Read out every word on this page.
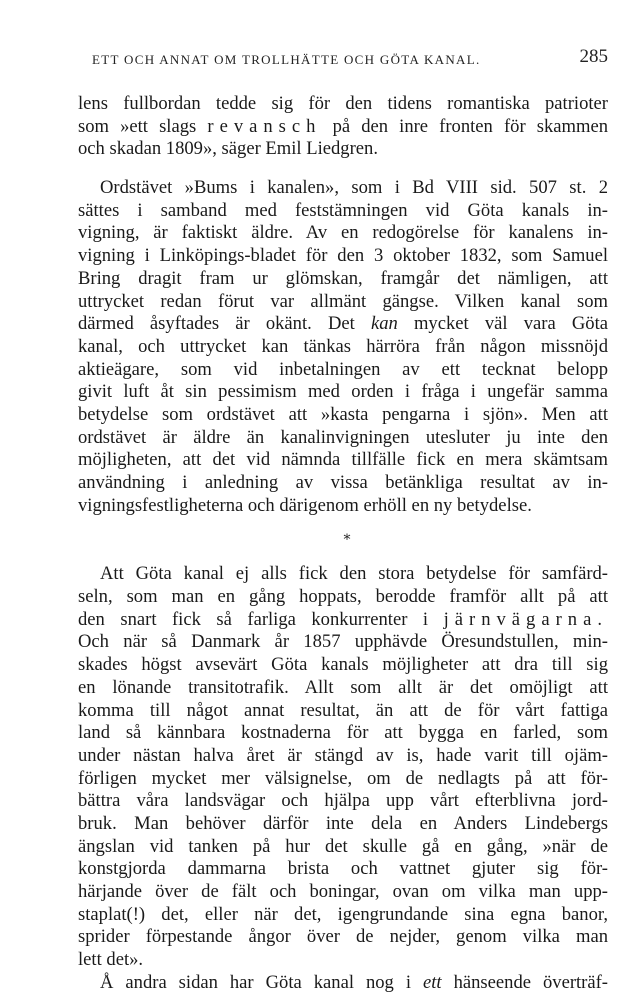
ETT OCH ANNAT OM TROLLHÄTTE OCH GÖTA KANAL.	285
lens fullbordan tedde sig för den tidens romantiska patrioter
som »ett slags revansch på den inre fronten för skammen
och skadan 1809», säger Emil Liedgren.
Ordstävet »Bums i kanalen», som i Bd VIII sid. 507 st. 2
sättes i samband med feststämningen vid Göta kanals in-
vigning, är faktiskt äldre. Av en redogörelse för kanalens in-
vigning i Linköpings-bladet för den 3 oktober 1832, som Samuel
Bring dragit fram ur glömskan, framgår det nämligen, att
uttrycket redan förut var allmänt gängse. Vilken kanal som
därmed åsyftades är okänt. Det kan mycket väl vara Göta
kanal, och uttrycket kan tänkas härröra från någon missnöjd
aktieägare, som vid inbetalningen av ett tecknat belopp
givit luft åt sin pessimism med orden i fråga i ungefär samma
betydelse som ordstävet att »kasta pengarna i sjön». Men att
ordstävet är äldre än kanalinvigningen utesluter ju inte den
möjligheten, att det vid nämnda tillfälle fick en mera skämtsam
användning i anledning av vissa betänkliga resultat av in-
vigningsfestligheterna och därigenom erhöll en ny betydelse.
*
Att Göta kanal ej alls fick den stora betydelse för samfärd-
seln, som man en gång hoppats, berodde framför allt på att
den snart fick så farliga konkurrenter i järnvägarna.
Och när så Danmark år 1857 upphävde Öresundstullen, min-
skades högst avsevärt Göta kanals möjligheter att dra till sig
en lönande transitotrafik. Allt som allt är det omöjligt att
komma till något annat resultat, än att de för vårt fattiga
land så kännbara kostnaderna för att bygga en farled, som
under nästan halva året är stängd av is, hade varit till ojäm-
förligen mycket mer välsignelse, om de nedlagts på att för-
bättra våra landsvägar och hjälpa upp vårt efterblivna jord-
bruk. Man behöver därför inte dela en Anders Lindebergs
ängslan vid tanken på hur det skulle gå en gång, »när de
konstgjorda dammarna brista och vattnet gjuter sig för-
härjande över de fält och boningar, ovan om vilka man upp-
staplat(!) det, eller när det, igengrundande sina egna banor,
sprider förpestande ångor över de nejder, genom vilka man
lett det».
Å andra sidan har Göta kanal nog i ett hänseende överträf-
